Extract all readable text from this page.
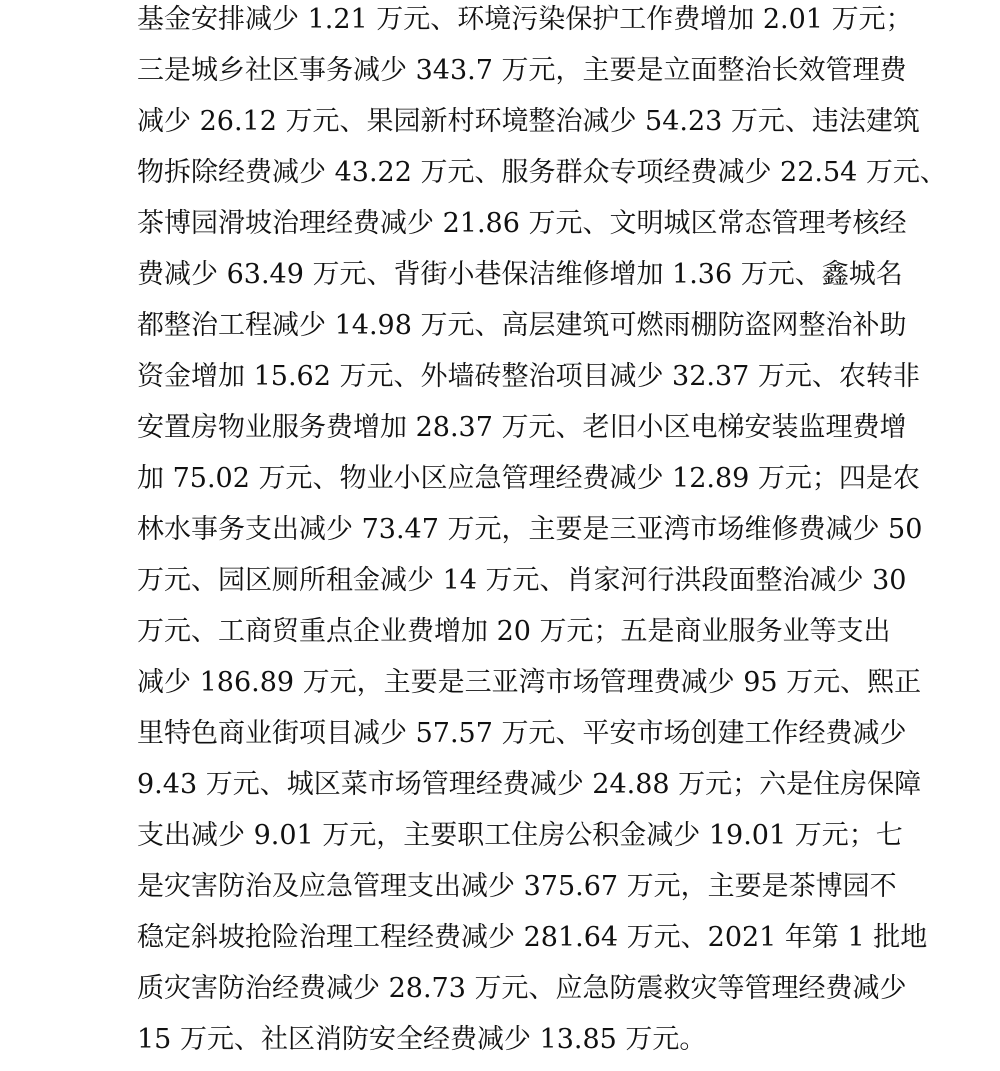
基金安排减少 1.21 万元、环境污染保护工作费增加 2.01 万元；
三是城乡社区事务减少 343.7 万元，主要是立面整治长效管理费
减少 26.12 万元、果园新村环境整治减少 54.23 万元、违法建筑
物拆除经费减少 43.22 万元、服务群众专项经费减少 22.54 万元、
茶博园滑坡治理经费减少 21.86 万元、文明城区常态管理考核经
费减少 63.49 万元、背街小巷保洁维修增加 1.36 万元、鑫城名
都整治工程减少 14.98 万元、高层建筑可燃雨棚防盗网整治补助
资金增加 15.62 万元、外墙砖整治项目减少 32.37 万元、农转非
安置房物业服务费增加 28.37 万元、老旧小区电梯安装监理费增
加 75.02 万元、物业小区应急管理经费减少 12.89 万元；四是农
林水事务支出减少 73.47 万元，主要是三亚湾市场维修费减少 50
万元、园区厕所租金减少 14 万元、肖家河行洪段面整治减少 30
万元、工商贸重点企业费增加 20 万元；五是商业服务业等支出
减少 186.89 万元，主要是三亚湾市场管理费减少 95 万元、熙正
里特色商业街项目减少 57.57 万元、平安市场创建工作经费减少
9.43 万元、城区菜市场管理经费减少 24.88 万元；六是住房保障
支出减少 9.01 万元，主要职工住房公积金减少 19.01 万元；七
是灾害防治及应急管理支出减少 375.67 万元，主要是茶博园不
稳定斜坡抢险治理工程经费减少 281.64 万元、2021 年第 1 批地
质灾害防治经费减少 28.73 万元、应急防震救灾等管理经费减少
15 万元、社区消防安全经费减少 13.85 万元。
